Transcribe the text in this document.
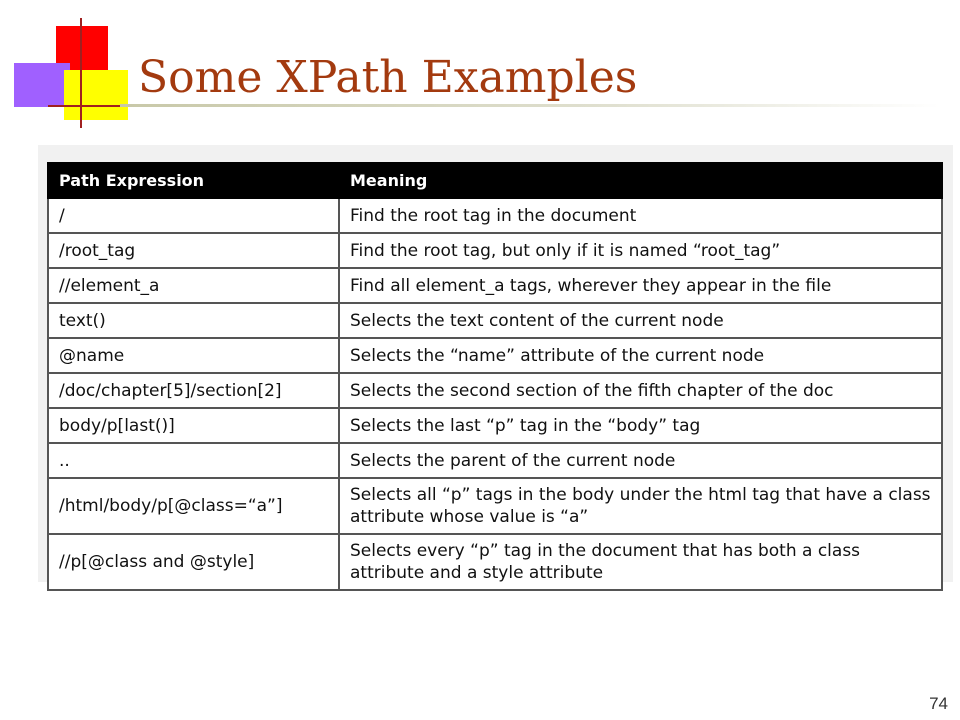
Some XPath Examples
Path Expression	Meaning
/	Find the root tag in the document
/root_tag	Find the root tag, but only if it is named “root_tag”
//element_a	Find all element_a tags, wherever they appear in the file
text()	Selects the text content of the current node
@name	Selects the “name” attribute of the current node
/doc/chapter[5]/section[2]	Selects the second section of the fifth chapter of the doc
body/p[last()]	Selects the last “p” tag in the “body” tag
..	Selects the parent of the current node
/html/body/p[@class=“a”]	Selects all “p” tags in the body under the html tag that have a class attribute whose value is “a”
//p[@class and @style]	Selects every “p” tag in the document that has both a class attribute and a style attribute
74
